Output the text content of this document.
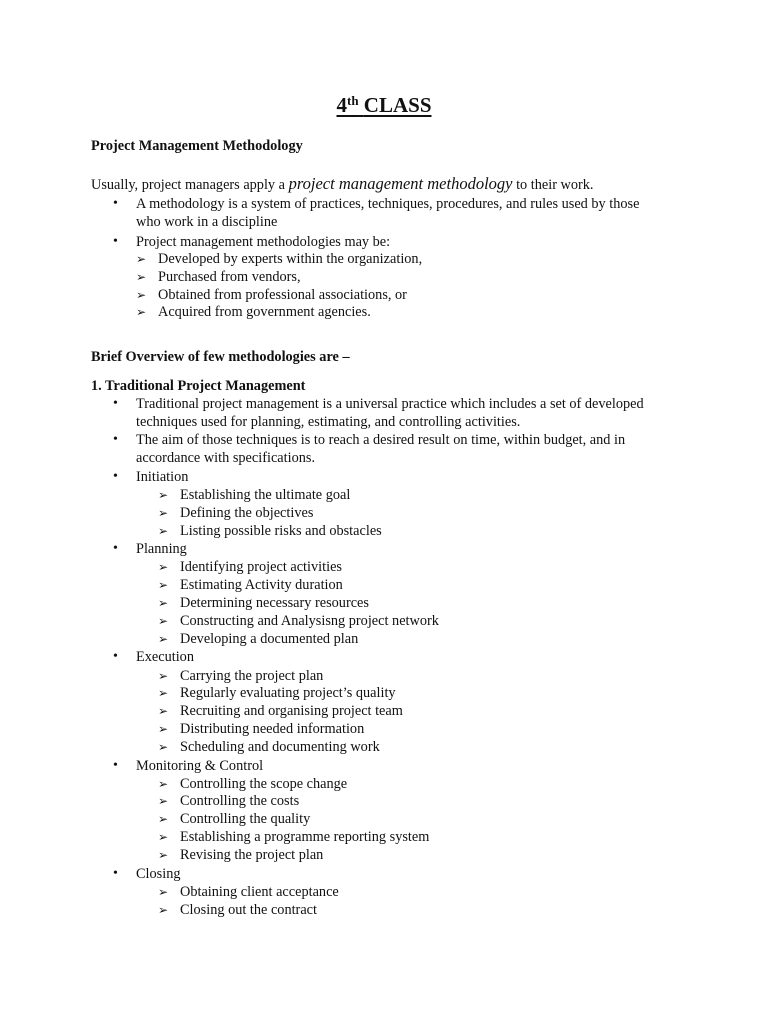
4th CLASS
Project Management Methodology
Usually, project managers apply a project management methodology to their work.
• A methodology is a system of practices, techniques, procedures, and rules used by those
who work in a discipline
• Project management methodologies may be:
➢ Developed by experts within the organization,
➢ Purchased from vendors,
➢ Obtained from professional associations, or
➢ Acquired from government agencies.
Brief Overview of few methodologies are –
1. Traditional Project Management
• Traditional project management is a universal practice which includes a set of developed
techniques used for planning, estimating, and controlling activities.
• The aim of those techniques is to reach a desired result on time, within budget, and in
accordance with specifications.
• Initiation
➢ Establishing the ultimate goal
➢ Defining the objectives
➢ Listing possible risks and obstacles
• Planning
➢ Identifying project activities
➢ Estimating Activity duration
➢ Determining necessary resources
➢ Constructing and Analysisng project network
➢ Developing a documented plan
• Execution
➢ Carrying the project plan
➢ Regularly evaluating project’s quality
➢ Recruiting and organising project team
➢ Distributing needed information
➢ Scheduling and documenting work
• Monitoring & Control
➢ Controlling the scope change
➢ Controlling the costs
➢ Controlling the quality
➢ Establishing a programme reporting system
➢ Revising the project plan
• Closing
➢ Obtaining client acceptance
➢ Closing out the contract
